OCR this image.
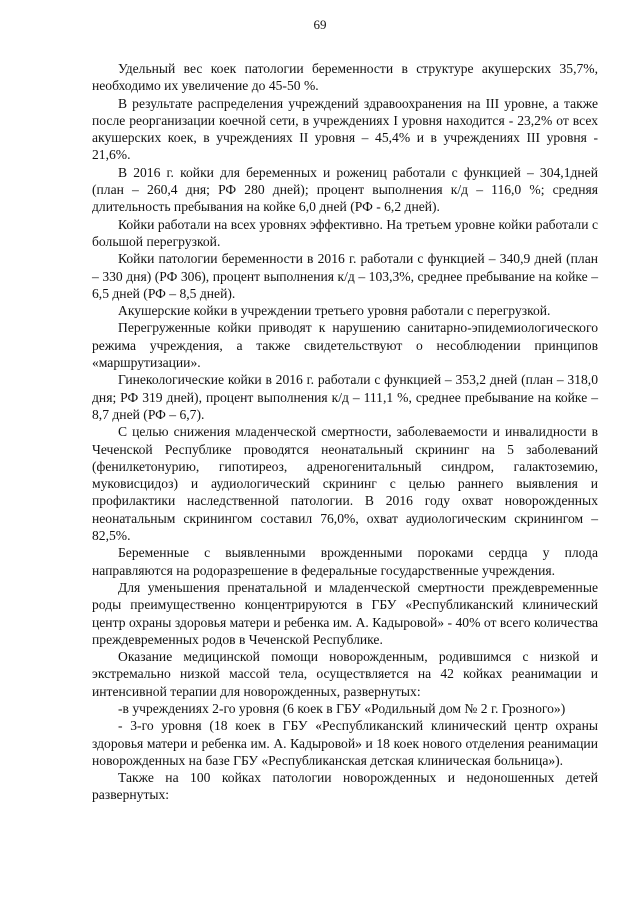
69

Удельный вес коек патологии беременности в структуре акушерских 35,7%, необходимо их увеличение до 45-50 %.

В результате распределения учреждений здравоохранения на III уровне, а также после реорганизации коечной сети, в учреждениях I уровня находится - 23,2% от всех акушерских коек, в учреждениях II уровня – 45,4% и в учреждениях III уровня - 21,6%.

В 2016 г. койки для беременных и рожениц работали с функцией – 304,1дней (план – 260,4 дня; РФ 280 дней); процент выполнения к/д – 116,0 %; средняя длительность пребывания на койке 6,0 дней (РФ - 6,2 дней).

Койки работали на всех уровнях эффективно. На третьем уровне койки работали с большой перегрузкой.

Койки патологии беременности в 2016 г. работали с функцией – 340,9 дней (план – 330 дня) (РФ 306), процент выполнения к/д – 103,3%, среднее пребывание на койке – 6,5 дней (РФ – 8,5 дней).

Акушерские койки в учреждении третьего уровня работали с перегрузкой.

Перегруженные койки приводят к нарушению санитарно-эпидемиологического режима учреждения, а также свидетельствуют о несоблюдении принципов «маршрутизации».

Гинекологические койки в 2016 г. работали с функцией – 353,2 дней (план – 318,0 дня; РФ 319 дней), процент выполнения к/д – 111,1 %, среднее пребывание на койке – 8,7 дней (РФ – 6,7).

С целью снижения младенческой смертности, заболеваемости и инвалидности в Чеченской Республике проводятся неонатальный скрининг на 5 заболеваний (фенилкетонурию, гипотиреоз, адреногенитальный синдром, галактоземию, муковисцидоз) и аудиологический скрининг с целью раннего выявления и профилактики наследственной патологии. В 2016 году охват новорожденных неонатальным скринингом составил 76,0%, охват аудиологическим скринингом – 82,5%.

Беременные с выявленными врожденными пороками сердца у плода направляются на родоразрешение в федеральные государственные учреждения.

Для уменьшения пренатальной и младенческой смертности преждевременные роды преимущественно концентрируются в ГБУ «Республиканский клинический центр охраны здоровья матери и ребенка им. А. Кадыровой» - 40% от всего количества преждевременных родов в Чеченской Республике.

Оказание медицинской помощи новорожденным, родившимся с низкой и экстремально низкой массой тела, осуществляется на 42 койках реанимации и интенсивной терапии для новорожденных, развернутых:

-в учреждениях 2-го уровня (6 коек в ГБУ «Родильный дом № 2 г. Грозного»)

- 3-го уровня (18 коек в ГБУ «Республиканский клинический центр охраны здоровья матери и ребенка им. А. Кадыровой» и 18 коек нового отделения реанимации новорожденных на базе ГБУ «Республиканская детская клиническая больница»).

Также на 100 койках патологии новорожденных и недоношенных детей развернутых:
